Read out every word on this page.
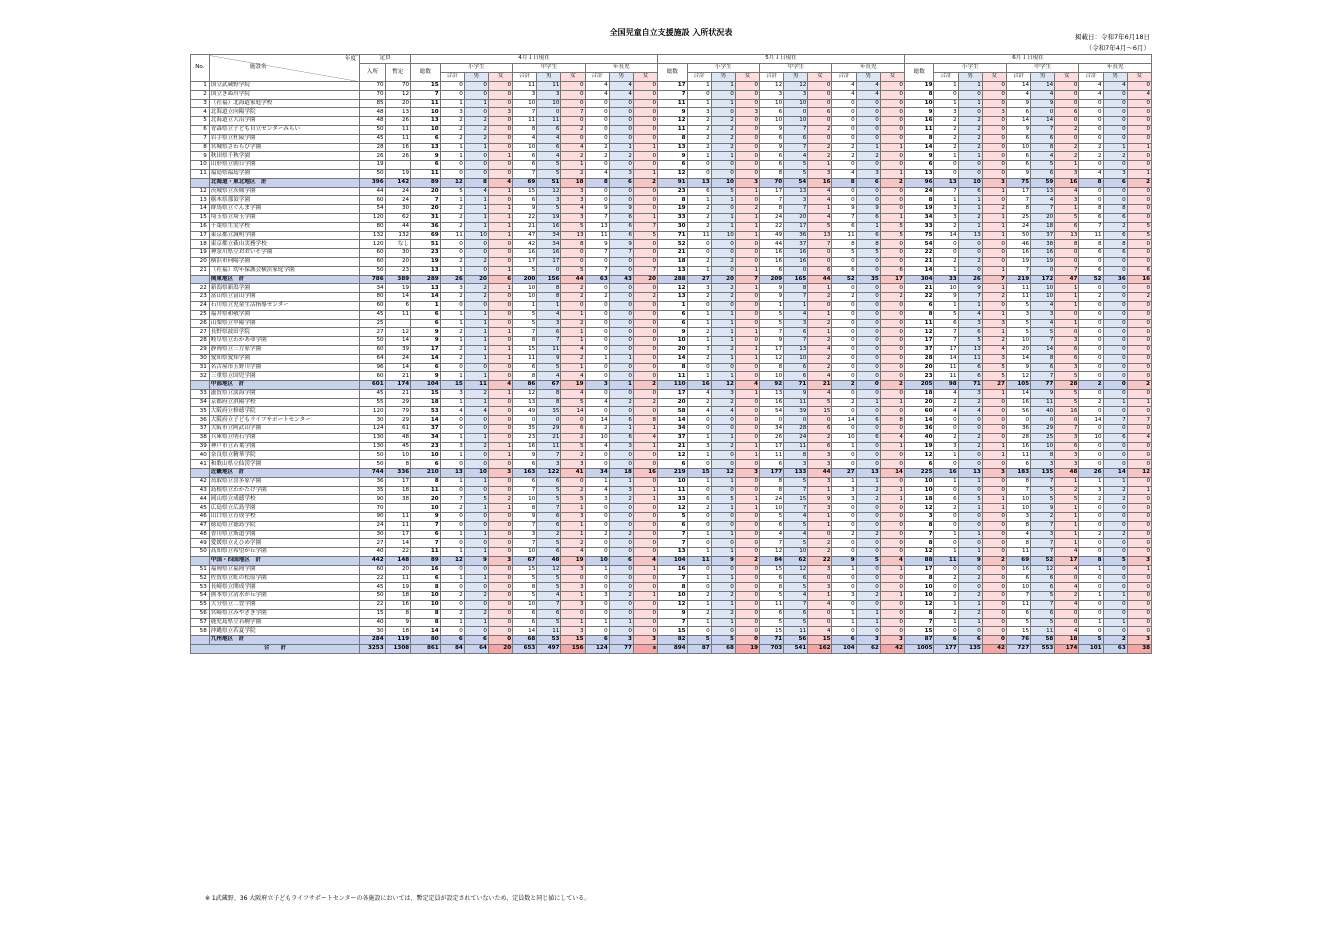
全国児童自立支援施設 入所状況表	掲載日：令和7年6月18日
（令和7年4月～6月）
No.	年度
施設名	定員		4月１日現在										5月１日現在										6月１日現在									
		入所	暫定	総数	小学生			中学生			年長児			総数	小学生			中学生			年長児			総数	小学生			中学生			年長児		
					合計	男	女	合計	男	女	合計	男	女		合計	男	女	合計	男	女	合計	男	女		合計	男	女	合計	男	女	合計	男	女
1	国立武蔵野学院	70	70	15	0	0	0	11	11	0	4	4	0	17	1	1	0	12	12	0	4	4	0	19	1	1	0	14	14	0	4	4	0
2	国立きぬ川学院	70	12	7	0	0	0	3	3	0	4	4	0	7	0	0	0	3	3	0	4	4	0	8	0	0	0	4	4	0	4	0	4
3	（社福）北海道家庭学校	85	20	11	1	1	0	10	10	0	0	0	0	11	1	1	0	10	10	0	0	0	0	10	1	1	0	9	9	0	0	0	0
4	北海道立向陽学院	48	13	10	3	0	3	7	0	7	0	0	0	9	3	0	3	6	0	6	0	0	0	9	3	0	3	6	0	6	0	0	0
5	北海道立大沼学園	48	26	13	2	2	0	11	11	0	0	0	0	12	2	2	0	10	10	0	0	0	0	16	2	2	0	14	14	0	0	0	0
6	青森県立子ども自立センターみらい	50	11	10	2	2	0	8	6	2	0	0	0	11	2	2	0	9	7	2	0	0	0	11	2	2	0	9	7	2	0	0	0
7	岩手県立杜陵学園	45	11	6	2	2	0	4	4	0	0	0	0	8	2	2	0	6	6	0	0	0	0	8	2	2	0	6	6	0	0	0	0
8	宮城県さわらび学園	28	16	13	1	1	0	10	6	4	2	1	1	13	2	2	0	9	7	2	2	1	1	14	2	2	0	10	8	2	2	1	1
9	秋田県千秋学園	26	26	9	1	0	1	6	4	2	2	2	0	9	1	1	0	6	4	2	2	2	0	9	1	1	0	6	4	2	2	2	0
10	山形県立朝日学園	19		6	0	0	0	6	5	1	0	0	0	6	0	0	0	6	5	1	0	0	0	6	0	0	0	6	5	1	0	0	0
11	福島県福島学園	50	19	11	0	0	0	7	5	2	4	3	1	12	0	0	0	8	5	3	4	3	1	13	0	0	0	9	6	3	4	3	1
	北海道・東北地区　計	396	142	89	12	8	4	69	51	18	8	6	2	91	13	10	3	70	54	16	8	6	2	96	13	10	3	75	59	16	8	6	2
12	茨城県立茨城学園	44	24	20	5	4	1	15	12	3	0	0	0	23	6	5	1	17	13	4	0	0	0	24	7	6	1	17	13	4	0	0	0
13	栃木県那須学園	60	24	7	1	1	0	6	3	3	0	0	0	8	1	1	0	7	3	4	0	0	0	8	1	1	0	7	4	3	0	0	0
14	群馬県立ぐんま学園	54	30	20	2	1	1	9	5	4	9	9	0	19	2	0	2	8	7	1	9	9	0	19	3	1	2	8	7	1	8	8	0
15	埼玉県立埼玉学園	120	62	31	2	1	1	22	19	3	7	6	1	33	2	1	1	24	20	4	7	6	1	34	3	2	1	25	20	5	6	6	0
16	千葉県生実学校	80	44	36	2	1	1	21	16	5	13	6	7	30	2	1	1	22	17	5	6	1	5	33	2	1	1	24	18	6	7	2	5
17	東京都立誠明学園	132	132	69	11	10	1	47	34	13	11	6	5	71	11	10	1	49	36	13	11	6	5	75	14	13	1	50	37	13	11	6	5
18	東京都立萩山実務学校	120	なし	51	0	0	0	42	34	8	9	9	0	52	0	0	0	44	37	7	8	8	0	54	0	0	0	46	38	8	8	8	0
19	神奈川県立おおいそ学園	60	30	23	0	0	0	16	16	0	7	7	0	21	0	0	0	16	16	0	5	5	0	22	0	0	0	16	16	0	6	6	0
20	横浜市向陽学園	60	20	19	2	2	0	17	17	0	0	0	0	18	2	2	0	16	16	0	0	0	0	21	2	2	0	19	19	0	0	0	0
21	（社福）幼年保護会横浜家庭学園	50	23	13	1	0	1	5	0	5	7	0	7	13	1	0	1	6	0	6	6	0	6	14	1	0	1	7	0	7	6	0	6
	関東地区　計	786	389	289	26	20	6	200	156	44	63	43	20	288	27	20	7	209	165	44	52	35	17	304	33	26	7	219	172	47	52	36	16
22	新潟県新潟学園	34	19	13	3	2	1	10	8	2	0	0	0	12	3	2	1	9	8	1	0	0	0	21	10	9	1	11	10	1	0	0	0
23	富山県立富山学園	80	14	14	2	2	0	10	8	2	2	0	2	13	2	2	0	9	7	2	2	0	2	22	9	7	2	11	10	1	2	0	2
24	石川県立児童生活指導センター	60	6	1	0	0	0	1	1	0	0	0	0	1	0	0	0	1	1	0	0	0	0	6	1	1	0	5	4	1	0	0	0
25	福井県和敬学園	45	11	6	1	1	0	5	4	1	0	0	0	6	1	1	0	5	4	1	0	0	0	8	5	4	1	3	3	0	0	0	0
26	山梨県立甲陽学園	25		6	1	1	0	5	3	2	0	0	0	6	1	1	0	5	3	2	0	0	0	11	6	3	3	5	4	1	0	0	0
27	長野県波田学院	27	12	9	2	1	1	7	6	1	0	0	0	9	2	1	1	7	6	1	0	0	0	12	7	6	1	5	5	0	0	0	0
28	岐阜県立わかあゆ学園	50	14	9	1	1	0	8	7	1	0	0	0	10	1	1	0	9	7	2	0	0	0	17	7	5	2	10	7	3	0	0	0
29	静岡県立三方原学園	60	39	17	2	1	1	15	11	4	0	0	0	20	3	2	1	17	13	4	0	0	0	37	17	13	4	20	14	6	0	0	0
30	愛知県愛知学園	64	24	14	2	1	1	11	9	2	1	1	0	14	2	1	1	12	10	2	0	0	0	28	14	11	3	14	8	6	0	0	0
31	名古屋市玉野川学園	96	14	6	0	0	0	6	5	1	0	0	0	8	0	0	0	8	6	2	0	0	0	20	11	6	5	9	6	3	0	0	0
32	三重県立国児学園	60	21	9	1	1	0	8	4	4	0	0	0	11	1	1	0	10	6	4	0	0	0	23	11	6	5	12	7	5	0	0	0
	中部地区　計	601	174	104	15	11	4	86	67	19	3	1	2	110	16	12	4	92	71	21	2	0	2	205	98	71	27	105	77	28	2	0	2
33	滋賀県立淡海学園	45	21	15	3	2	1	12	8	4	0	0	0	17	4	3	1	13	9	4	0	0	0	18	4	3	1	14	9	5	0	0	0
34	京都府立淇陽学校	55	29	18	1	1	0	13	8	5	4	2	2	20	2	2	0	16	11	5	2	1	1	20	2	2	0	16	11	5	2	1	1
35	大阪府立修徳学院	120	79	53	4	4	0	49	35	14	0	0	0	58	4	4	0	54	39	15	0	0	0	60	4	4	0	56	40	16	0	0	0
36	大阪府立子どもライフサポートセンター	30	29	14	0	0	0	0	0	0	14	6	8	14	0	0	0	0	0	0	14	6	8	14	0	0	0	0	0	0	14	7	7
37	大阪市立阿武山学園	124	61	37	0	0	0	35	29	6	2	1	1	34	0	0	0	34	28	6	0	0	0	36	0	0	0	36	29	7	0	0	0
38	兵庫県立明石学園	130	48	34	1	1	0	23	21	2	10	6	4	37	1	1	0	26	24	2	10	6	4	40	2	2	0	28	25	3	10	6	4
39	神戸市立若葉学園	130	45	23	3	2	1	16	11	5	4	3	1	21	3	2	1	17	11	6	1	0	1	19	3	2	1	16	10	6	0	0	0
40	奈良県立精華学院	50	10	10	1	0	1	9	7	2	0	0	0	12	1	0	1	11	8	3	0	0	0	12	1	0	1	11	8	3	0	0	0
41	和歌山県立仙渓学園	50	8	6	0	0	0	6	3	3	0	0	0	6	0	0	0	6	3	3	0	0	0	6	0	0	0	6	3	3	0	0	0
	近畿地区　計	744	336	210	13	10	3	163	122	41	34	18	16	219	15	12	3	177	133	44	27	13	14	225	16	13	3	183	135	48	26	14	12
42	鳥取県立喜多原学園	36	17	8	1	1	0	6	6	0	1	1	0	10	1	1	0	8	5	3	1	1	0	10	1	1	0	8	7	1	1	1	0
43	島根県立わかたけ学園	35	18	11	0	0	0	7	5	2	4	3	1	11	0	0	0	8	7	1	3	2	1	10	0	0	0	7	5	2	3	2	1
44	岡山県立成徳学校	90	38	20	7	5	2	10	5	5	3	2	1	33	6	5	1	24	15	9	3	2	1	18	6	5	1	10	5	5	2	2	0
45	広島県立広島学園	70		10	2	1	1	8	7	1	0	0	0	12	2	1	1	10	7	3	0	0	0	12	2	1	1	10	9	1	0	0	0
46	山口県立育成学校	90	11	9	0	0	0	9	6	3	0	0	0	5	0	0	0	5	4	1	0	0	0	3	0	0	0	3	2	1	0	0	0
47	徳島県立徳島学院	24	11	7	0	0	0	7	6	1	0	0	0	6	0	0	0	6	5	1	0	0	0	8	0	0	0	8	7	1	0	0	0
48	香川県立斯道学園	30	17	6	1	1	0	3	2	1	2	2	0	7	1	1	0	4	4	0	2	2	0	7	1	1	0	4	3	1	2	2	0
49	愛媛県立えひめ学園	27	14	7	0	0	0	7	5	2	0	0	0	7	0	0	0	7	5	2	0	0	0	8	0	0	0	8	7	1	0	0	0
50	高知県立希望が丘学園	40	22	11	1	1	0	10	6	4	0	0	0	13	1	1	0	12	10	2	0	0	0	12	1	1	0	11	7	4	0	0	0
	中国・四国地区　計	442	148	89	12	9	3	67	48	19	10	6	4	104	11	9	2	84	62	22	9	5	4	88	11	9	2	69	52	17	8	5	3
51	福岡県立福岡学園	60	20	16	0	0	0	15	12	3	1	0	1	16	0	0	0	15	12	3	1	0	1	17	0	0	0	16	12	4	1	0	1
52	佐賀県立虹の松原学園	22	11	6	1	1	0	5	5	0	0	0	0	7	1	1	0	6	6	0	0	0	0	8	2	2	0	6	6	0	0	0	0
53	長崎県立開成学園	45	19	8	0	0	0	8	5	3	0	0	0	8	0	0	0	8	5	3	0	0	0	10	0	0	0	10	6	4	0	0	0
54	熊本県立清水が丘学園	50	18	10	2	2	0	5	4	1	3	2	1	10	2	2	0	5	4	1	3	2	1	10	2	2	0	7	5	2	1	1	0
55	大分県立二豊学園	22	16	10	0	0	0	10	7	3	0	0	0	12	1	1	0	11	7	4	0	0	0	12	1	1	0	11	7	4	0	0	0
56	宮崎県立みやざき学園	15	8	8	2	2	0	6	6	0	0	0	0	9	2	2	0	6	6	0	1	1	0	8	2	2	0	6	6	0	0	0	0
57	鹿児島県立若駒学園	40	9	8	1	1	0	6	5	1	1	1	0	7	1	1	0	5	5	0	1	1	0	7	1	1	0	5	5	0	1	1	0
58	沖縄県立若夏学院	30	18	14	0	0	0	14	11	3	0	0	0	15	0	0	0	15	11	4	0	0	0	15	0	0	0	15	11	4	0	0	0
	九州地区　計	284	119	80	6	6	0	68	53	15	6	3	3	82	5	5	0	71	56	15	6	3	3	87	6	6	0	76	58	18	5	2	3
合　　計		3253	1308	861	84	64	20	653	497	156	124	77	s	894	87	68	19	703	541	162	104	62	42	1005	177	135	42	727	553	174	101	63	38
※ 1武蔵野、36 大阪府立子どもライフサポートセンターの各施設においては、暫定定員が設定されていないため、定員数と同じ値にしている。
